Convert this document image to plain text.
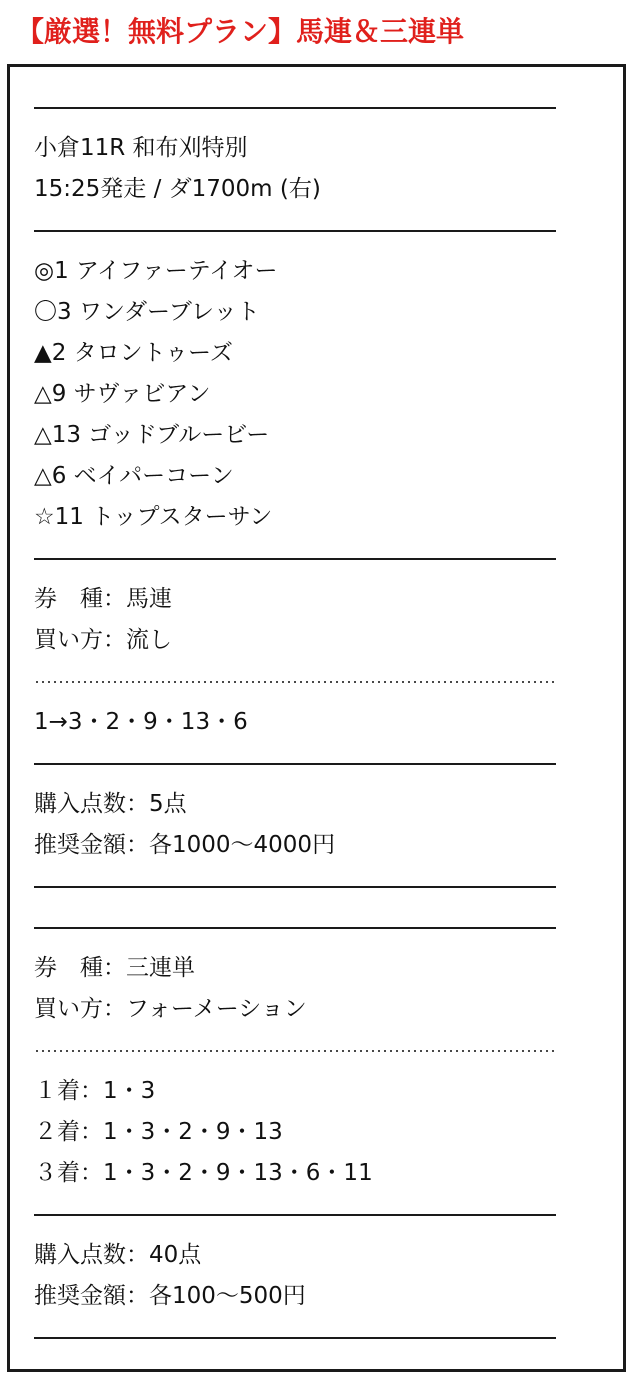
【厳選！無料プラン】馬連＆三連単
小倉11R 和布刈特別
15:25発走 / ダ1700m (右)
◎1 アイファーテイオー
〇3 ワンダーブレット
▲2 タロントゥーズ
△9 サヴァビアン
△13 ゴッドブルービー
△6 ベイパーコーン
☆11 トップスターサン
券　種：馬連
買い方：流し
1→3・2・9・13・6
購入点数：5点
推奨金額：各1000～4000円
券　種：三連単
買い方：フォーメーション
１着：1・3
２着：1・3・2・9・13
３着：1・3・2・9・13・6・11
購入点数：40点
推奨金額：各100～500円
